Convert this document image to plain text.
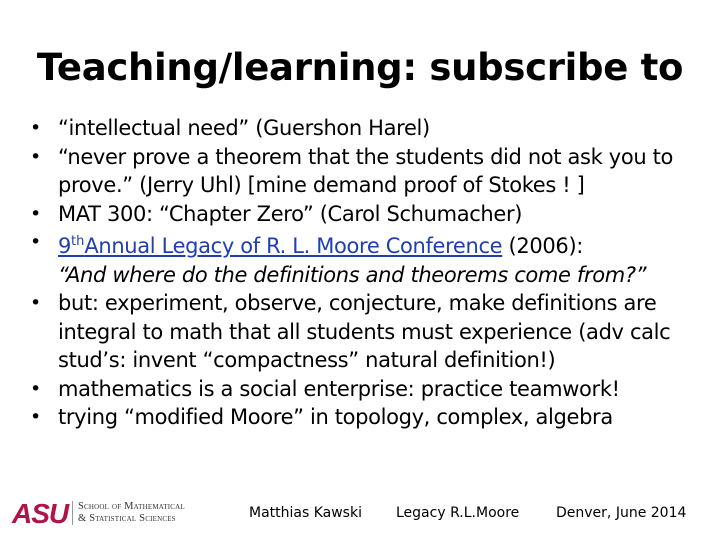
Teaching/learning: subscribe to
• “intellectual need” (Guershon Harel)
• “never prove a theorem that the students did not ask you to prove.” (Jerry Uhl) [mine demand proof of Stokes ! ]
• MAT 300: “Chapter Zero” (Carol Schumacher)
• 9thAnnual Legacy of R. L. Moore Conference (2006):
“And where do the definitions and theorems come from?”
• but: experiment, observe, conjecture, make definitions are integral to math that all students must experience (adv calc stud’s: invent “compactness” natural definition!)
• mathematics is a social enterprise: practice teamwork!
• trying “modified Moore” in topology, complex, algebra
ASU School of Mathematical
& Statistical Sciences	Matthias Kawski Legacy R.L.Moore	Denver, June 2014
